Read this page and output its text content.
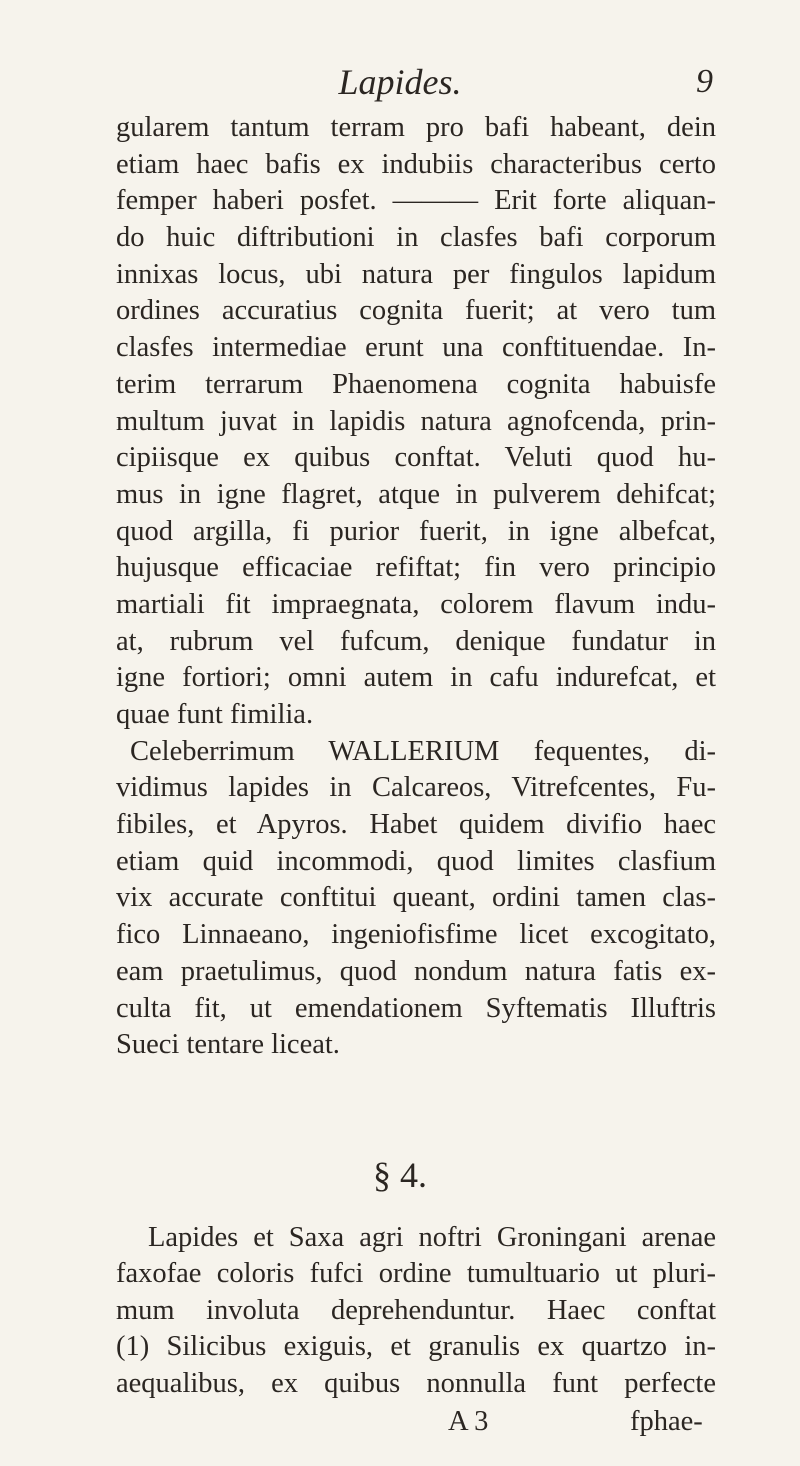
Lapides.	9
gularem tantum terram pro bafi habeant, dein
etiam haec bafis ex indubiis characteribus certo
femper haberi posfet. ——— Erit forte aliquan-
do huic diftributioni in clasfes bafi corporum
innixas locus, ubi natura per fingulos lapidum
ordines accuratius cognita fuerit; at vero tum
clasfes intermediae erunt una conftituendae. In-
terim terrarum Phaenomena cognita habuisfe
multum juvat in lapidis natura agnofcenda, prin-
cipiisque ex quibus conftat. Veluti quod hu-
mus in igne flagret, atque in pulverem dehifcat;
quod argilla, fi purior fuerit, in igne albefcat,
hujusque efficaciae refiftat; fin vero principio
martiali fit impraegnata, colorem flavum indu-
at, rubrum vel fufcum, denique fundatur in
igne fortiori; omni autem in cafu indurefcat, et
quae funt fimilia.
Celeberrimum WALLERIUM fequentes, di-
vidimus lapides in Calcareos, Vitrefcentes, Fu-
fibiles, et Apyros. Habet quidem divifio haec
etiam quid incommodi, quod limites clasfium
vix accurate conftitui queant, ordini tamen clas-
fico Linnaeano, ingeniofisfime licet excogitato,
eam praetulimus, quod nondum natura fatis ex-
culta fit, ut emendationem Syftematis Illuftris
Sueci tentare liceat.
§ 4.
Lapides et Saxa agri noftri Groningani arenae
faxofae coloris fufci ordine tumultuario ut pluri-
mum involuta deprehenduntur. Haec conftat
(1) Silicibus exiguis, et granulis ex quartzo in-
aequalibus, ex quibus nonnulla funt perfecte
A 3	fphae-
